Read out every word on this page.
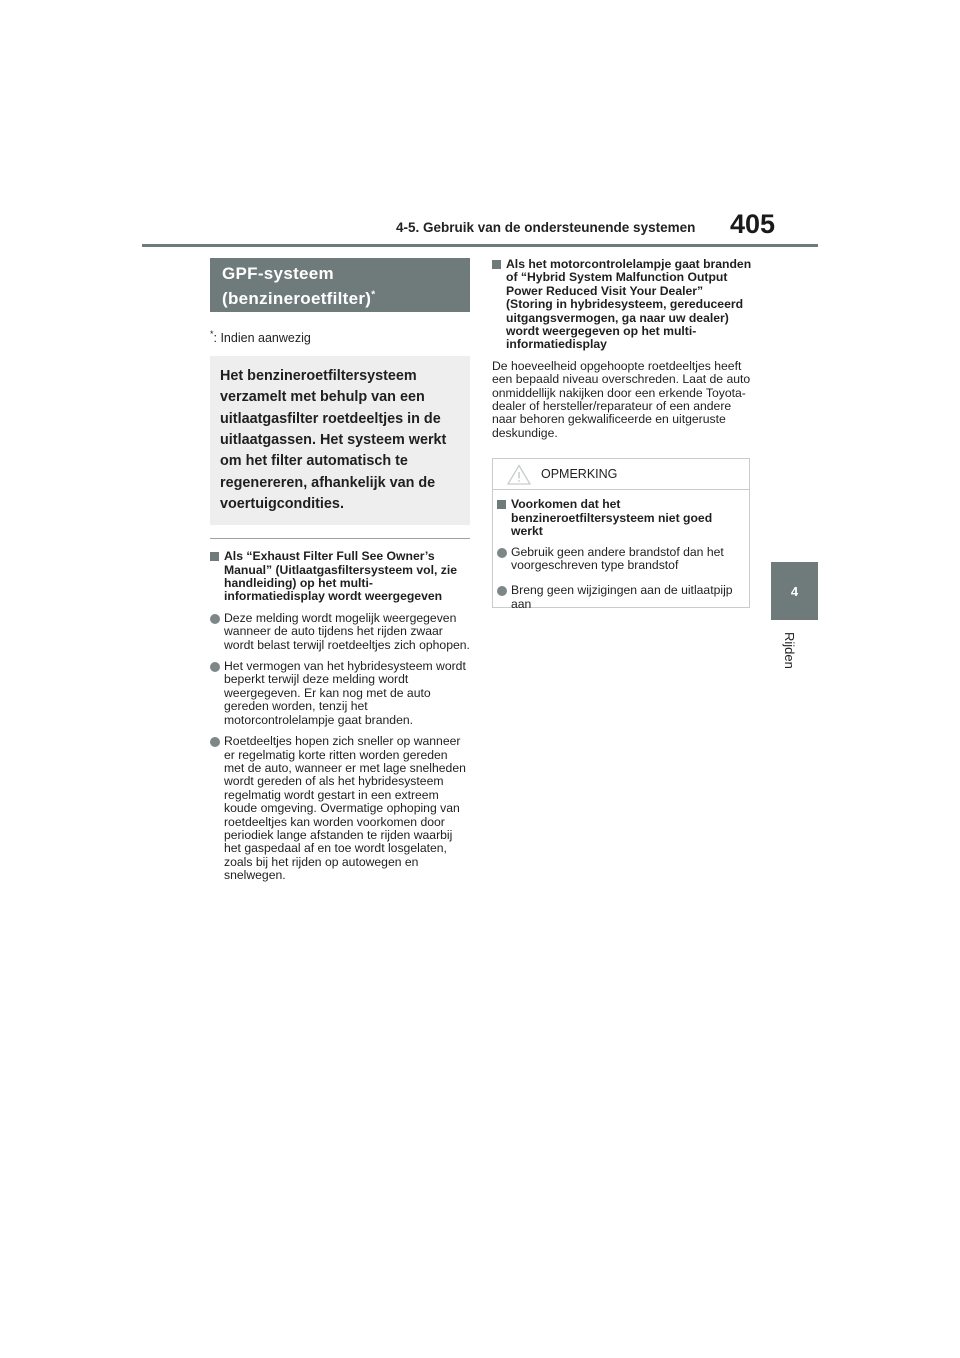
4-5. Gebruik van de ondersteunende systemen	405
4
Rijden
GPF-systeem
(benzineroetfilter)*
*: Indien aanwezig
Het benzineroetfiltersysteem verzamelt met behulp van een uitlaatgasfilter roetdeeltjes in de uitlaatgassen. Het systeem werkt om het filter automatisch te regenereren, afhankelijk van de voertuigcondities.
Als “Exhaust Filter Full See Owner’s Manual” (Uitlaatgasfiltersysteem vol, zie handleiding) op het multi-informatiedisplay wordt weergegeven
Deze melding wordt mogelijk weergegeven wanneer de auto tijdens het rijden zwaar wordt belast terwijl roetdeeltjes zich ophopen.
Het vermogen van het hybridesysteem wordt beperkt terwijl deze melding wordt weergegeven. Er kan nog met de auto gereden worden, tenzij het motorcontrolelampje gaat branden.
Roetdeeltjes hopen zich sneller op wanneer er regelmatig korte ritten worden gereden met de auto, wanneer er met lage snelheden wordt gereden of als het hybridesysteem regelmatig wordt gestart in een extreem koude omgeving. Overmatige ophoping van roetdeeltjes kan worden voorkomen door periodiek lange afstanden te rijden waarbij het gaspedaal af en toe wordt losgelaten, zoals bij het rijden op autowegen en snelwegen.
Als het motorcontrolelampje gaat branden of “Hybrid System Malfunction Output Power Reduced Visit Your Dealer” (Storing in hybridesysteem, gereduceerd uitgangsvermogen, ga naar uw dealer) wordt weergegeven op het multi-informatiedisplay
De hoeveelheid opgehoopte roetdeeltjes heeft een bepaald niveau overschreden. Laat de auto onmiddellijk nakijken door een erkende Toyota-dealer of hersteller/reparateur of een andere naar behoren gekwalificeerde en uitgeruste deskundige.
OPMERKING
Voorkomen dat het benzineroetfiltersysteem niet goed werkt
Gebruik geen andere brandstof dan het voorgeschreven type brandstof
Breng geen wijzigingen aan de uitlaatpijp aan
